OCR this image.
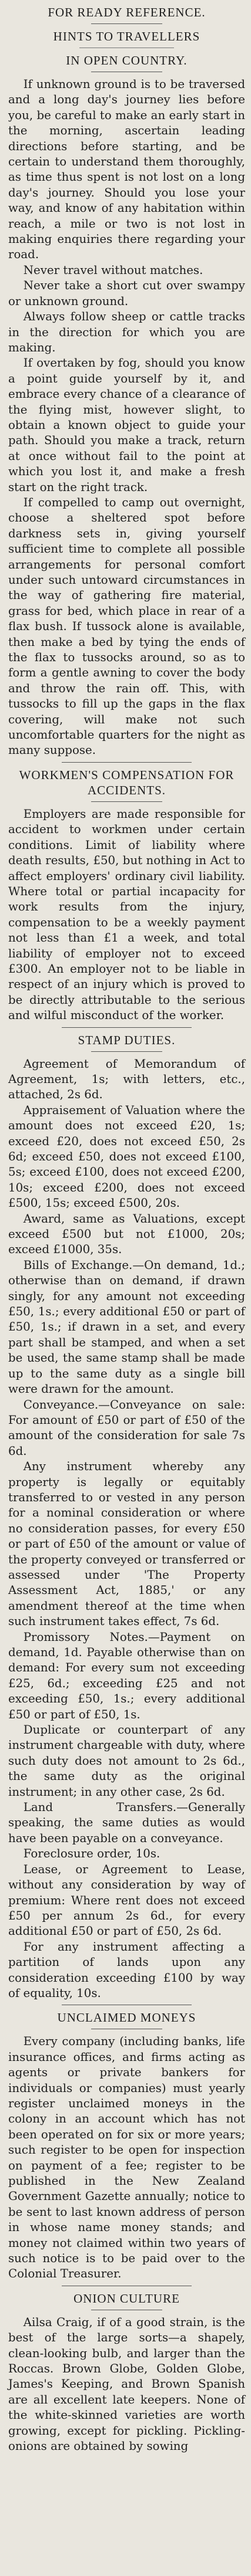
FOR READY REFERENCE.
HINTS TO TRAVELLERS
IN OPEN COUNTRY.

If unknown ground is to be traversed and a long day's journey lies before you, be careful to make an early start in the morning, ascertain leading directions before starting, and be certain to understand them thoroughly, as time thus spent is not lost on a long day's journey. Should you lose your way, and know of any habitation within reach, a mile or two is not lost in making enquiries there regarding your road.

Never travel without matches.

Never take a short cut over swampy or unknown ground.

Always follow sheep or cattle tracks in the direction for which you are making.

If overtaken by fog, should you know a point guide yourself by it, and embrace every chance of a clearance of the flying mist, however slight, to obtain a known object to guide your path. Should you make a track, return at once without fail to the point at which you lost it, and make a fresh start on the right track.

If compelled to camp out overnight, choose a sheltered spot before darkness sets in, giving yourself sufficient time to complete all possible arrangements for personal comfort under such untoward circumstances in the way of gathering fire material, grass for bed, which place in rear of a flax bush. If tussock alone is available, then make a bed by tying the ends of the flax to tussocks around, so as to form a gentle awning to cover the body and throw the rain off. This, with tussocks to fill up the gaps in the flax covering, will make not such uncomfortable quarters for the night as many suppose.

WORKMEN'S COMPENSATION FOR ACCIDENTS.

Employers are made responsible for accident to workmen under certain conditions. Limit of liability where death results, £50, but nothing in Act to affect employers' ordinary civil liability. Where total or partial incapacity for work results from the injury, compensation to be a weekly payment not less than £1 a week, and total liability of employer not to exceed £300. An employer not to be liable in respect of an injury which is proved to be directly attributable to the serious and wilful misconduct of the worker.

STAMP DUTIES.

Agreement of Memorandum of Agreement, 1s; with letters, etc., attached, 2s 6d.

Appraisement of Valuation where the amount does not exceed £20, 1s; exceed £20, does not exceed £50, 2s 6d; exceed £50, does not exceed £100, 5s; exceed £100, does not exceed £200, 10s; exceed £200, does not exceed £500, 15s; exceed £500, 20s.

Award, same as Valuations, except exceed £500 but not £1000, 20s; exceed £1000, 35s.

Bills of Exchange.—On demand, 1d.; otherwise than on demand, if drawn singly, for any amount not exceeding £50, 1s.; every additional £50 or part of £50, 1s.; if drawn in a set, and every part shall be stamped, and when a set be used, the same stamp shall be made up to the same duty as a single bill were drawn for the amount.

Conveyance.—Conveyance on sale: For amount of £50 or part of £50 of the amount of the consideration for sale 7s 6d.

Any instrument whereby any property is legally or equitably transferred to or vested in any person for a nominal consideration or where no consideration passes, for every £50 or part of £50 of the amount or value of the property conveyed or transferred or assessed under 'The Property Assessment Act, 1885,' or any amendment thereof at the time when such instrument takes effect, 7s 6d.

Promissory Notes.—Payment on demand, 1d. Payable otherwise than on demand: For every sum not exceeding £25, 6d.; exceeding £25 and not exceeding £50, 1s.; every additional £50 or part of £50, 1s.

Duplicate or counterpart of any instrument chargeable with duty, where such duty does not amount to 2s 6d., the same duty as the original instrument; in any other case, 2s 6d.

Land Transfers.—Generally speaking, the same duties as would have been payable on a conveyance.

Foreclosure order, 10s.

Lease, or Agreement to Lease, without any consideration by way of premium: Where rent does not exceed £50 per annum 2s 6d., for every additional £50 or part of £50, 2s 6d.

For any instrument affecting a partition of lands upon any consideration exceeding £100 by way of equality, 10s.

UNCLAIMED MONEYS

Every company (including banks, life insurance offices, and firms acting as agents or private bankers for individuals or companies) must yearly register unclaimed moneys in the colony in an account which has not been operated on for six or more years; such register to be open for inspection on payment of a fee; register to be published in the New Zealand Government Gazette annually; notice to be sent to last known address of person in whose name money stands; and money not claimed within two years of such notice is to be paid over to the Colonial Treasurer.

ONION CULTURE

Ailsa Craig, if of a good strain, is the best of the large sorts—a shapely, clean-looking bulb, and larger than the Roccas. Brown Globe, Golden Globe, James's Keeping, and Brown Spanish are all excellent late keepers. None of the white-skinned varieties are worth growing, except for pickling. Pickling-onions are obtained by sowing
